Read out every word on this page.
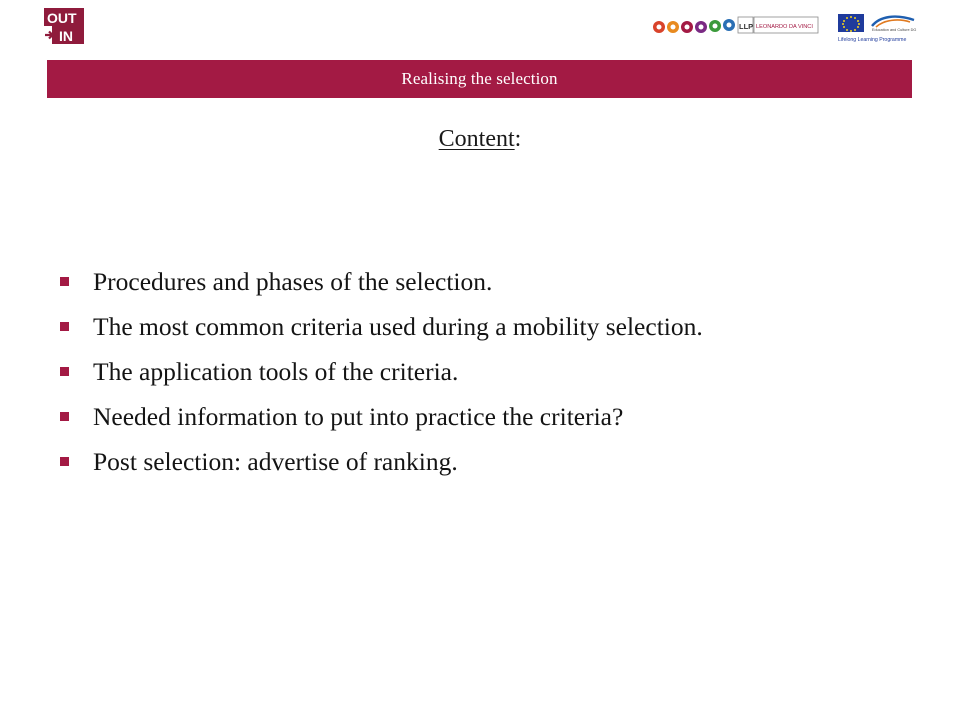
OUT
IN
LLP LEONARDO DA VINCI	Education and Culture DG
Lifelong Learning Programme
Realising the selection
Content:
Procedures and phases of the selection.
The most common criteria used during a mobility selection.
The application tools of the criteria.
Needed information to put into practice the criteria?
Post selection: advertise of ranking.
